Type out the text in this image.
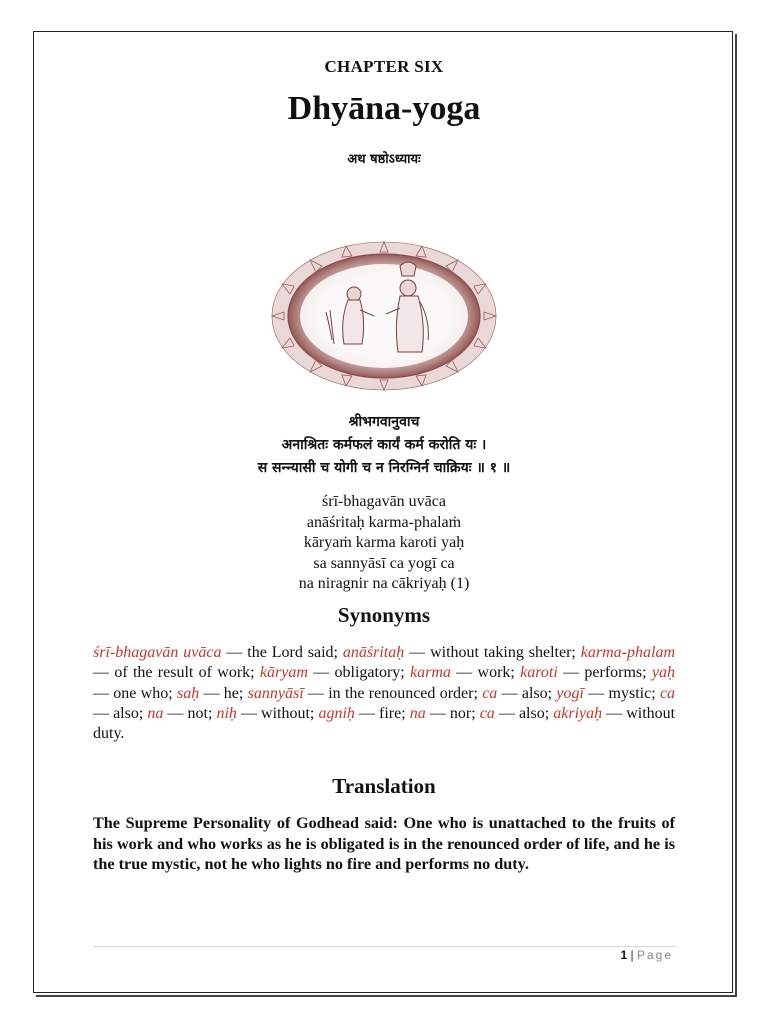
CHAPTER SIX
Dhyāna-yoga
अथ षष्ठोऽध्यायः
श्रीभगवानुवाच
अनाश्रितः कर्मफलं कार्यं कर्म करोति यः ।
स सन्न्यासी च योगी च न निरग्निर्न चाक्रियः ॥ १ ॥
śrī-bhagavān uvāca
anāśritaḥ karma-phalaṁ
kāryaṁ karma karoti yaḥ
sa sannyāsī ca yogī ca
na niragnir na cākriyaḥ (1)
Synonyms
śrī-bhagavān uvāca — the Lord said; anāśritaḥ — without taking shelter; karma-phalam — of the result of work; kāryam — obligatory; karma — work; karoti — performs; yaḥ — one who; saḥ — he; sannyāsī — in the renounced order; ca — also; yogī — mystic; ca — also; na — not; niḥ — without; agniḥ — fire; na — nor; ca — also; akriyaḥ — without duty.
Translation
The Supreme Personality of Godhead said: One who is unattached to the fruits of his work and who works as he is obligated is in the renounced order of life, and he is the true mystic, not he who lights no fire and performs no duty.
1 | Page
